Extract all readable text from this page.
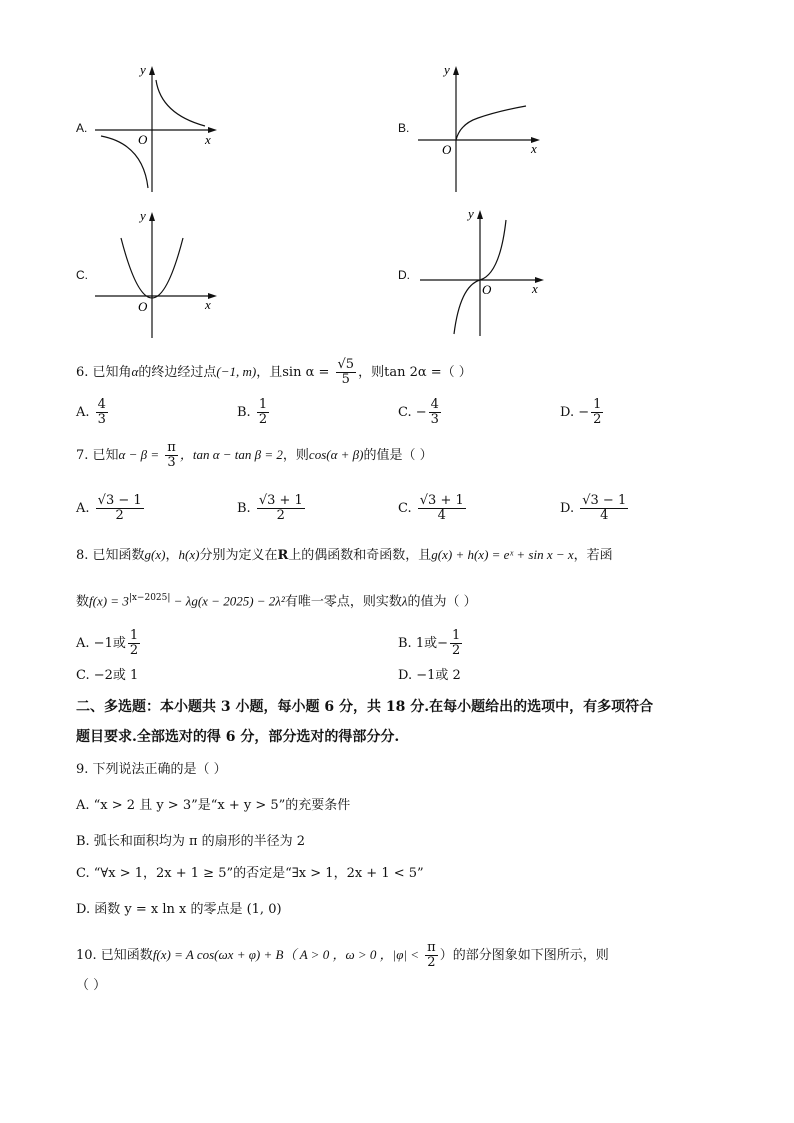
A.
x
y
O
B.
x
y
O
C.
x
y
O
D.
x
y
O
6. 已知角α的终边经过点(−1, m)，且$\sin \alpha = \frac{√5}{5}$ ，则tan 2α =（ ）
A. $\frac{4}{3}$	B. $\frac{1}{2}$	C. − $\frac{4}{3}$	D. − $\frac{1}{2}$
7. 已知$\alpha - \beta = \frac{\pi}{3}$ ，tan α − tan β = 2，则cos(α + β)的值是（ ）
A. $\frac{√3 - 1}{2}$	B. $\frac{√3 + 1}{2}$	C. $\frac{√3 + 1}{4}$	D. $\frac{√3 - 1}{4}$
8. 已知函数g(x)，h(x)分别为定义在R上的偶函数和奇函数，且g(x) + h(x) = eˣ + sin x − x，若函
数$f(x) = 3^{|x-2025|} - \lambda g(x - 2025) - 2\lambda^2$有唯一零点，则实数λ的值为（ ）
A. −1或 $\frac{1}{2}$	B. 1或− $\frac{1}{2}$
C. −2或 1	D. −1或 2
二、多选题：本小题共 3 小题，每小题 6 分，共 18 分.在每小题给出的选项中，有多项符合
题目要求.全部选对的得 6 分，部分选对的得部分分.
9. 下列说法正确的是（ ）
A. “x > 2 且 y > 3”是“x + y > 5”的充要条件
B. 弧长和面积均为 π 的扇形的半径为 2
C. “∀x > 1，2x + 1 ≥ 5”的否定是“∃x > 1，2x + 1 < 5”
D. 函数 y = x ln x 的零点是 (1, 0)
10. 已知函数f(x) = A cos(ωx + φ) + B（ A > 0 ，ω > 0 ，$|\varphi| < \frac{\pi}{2}$ ）的部分图象如下图所示，则
（ ）
